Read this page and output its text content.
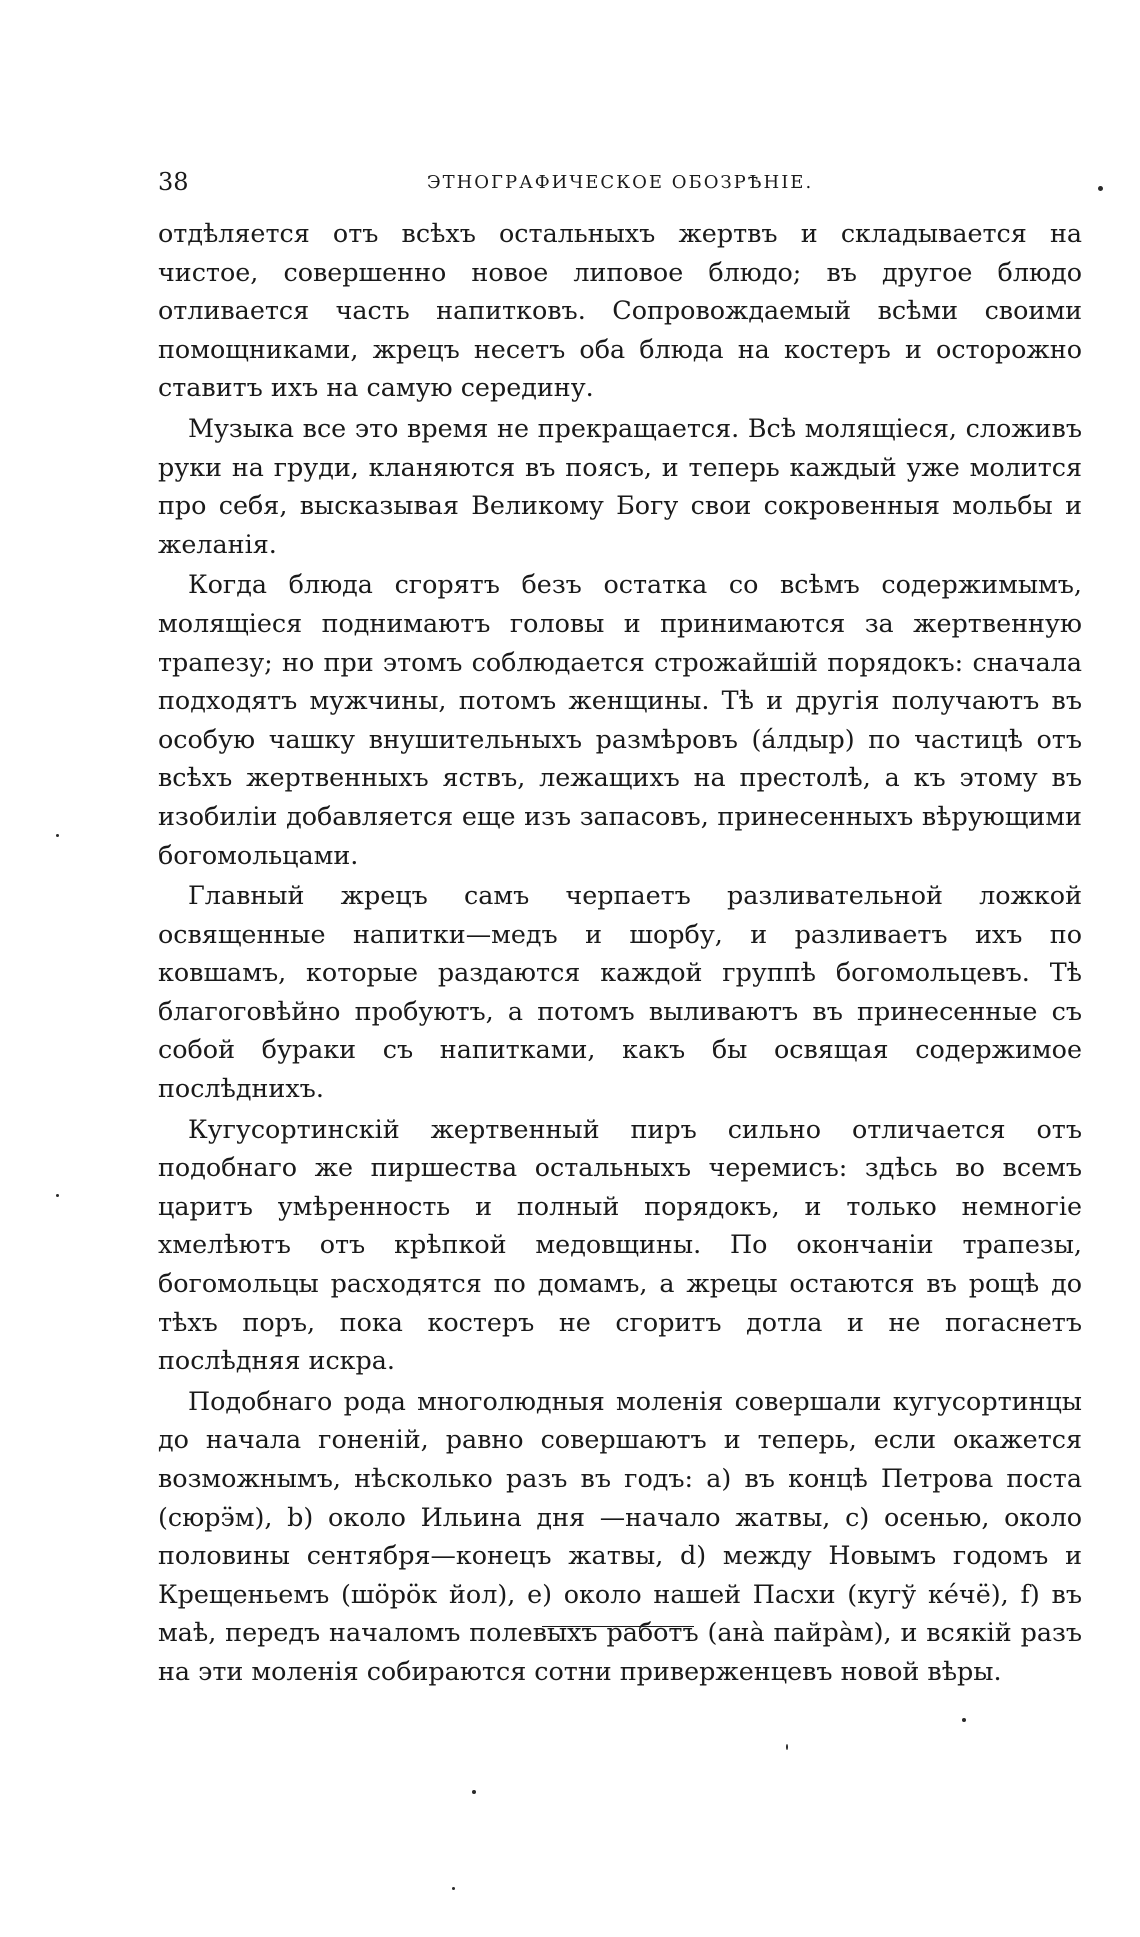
38	ЭТНОГРАФИЧЕСКОЕ ОБОЗРѢНІЕ.

отдѣляется отъ всѣхъ остальныхъ жертвъ и складывается на чистое, совершенно новое липовое блюдо; въ другое блюдо отливается часть напитковъ. Сопровождаемый всѣми своими помощниками, жрецъ несетъ оба блюда на костеръ и осторожно ставитъ ихъ на самую середину.

Музыка все это время не прекращается. Всѣ молящіеся, сложивъ руки на груди, кланяются въ поясъ, и теперь каждый уже молится про себя, высказывая Великому Богу свои сокровенныя мольбы и желанія.

Когда блюда сгорятъ безъ остатка со всѣмъ содержимымъ, молящіеся поднимаютъ головы и принимаются за жертвенную трапезу; но при этомъ соблюдается строжайшій порядокъ: сначала подходятъ мужчины, потомъ женщины. Тѣ и другія получаютъ въ особую чашку внушительныхъ размѣровъ (а́лдыр) по частицѣ отъ всѣхъ жертвенныхъ яствъ, лежащихъ на престолѣ, а къ этому въ изобиліи добавляется еще изъ запасовъ, принесенныхъ вѣрующими богомольцами.

Главный жрецъ самъ черпаетъ разливательной ложкой освященные напитки—медъ и шорбу, и разливаетъ ихъ по ковшамъ, которые раздаются каждой группѣ богомольцевъ. Тѣ благоговѣйно пробуютъ, а потомъ выливаютъ въ принесенные съ собой бураки съ напитками, какъ бы освящая содержимое послѣднихъ.

Кугусортинскій жертвенный пиръ сильно отличается отъ подобнаго же пиршества остальныхъ черемисъ: здѣсь во всемъ царитъ умѣренность и полный порядокъ, и только немногіе хмелѣютъ отъ крѣпкой медовщины. По окончаніи трапезы, богомольцы расходятся по домамъ, а жрецы остаются въ рощѣ до тѣхъ поръ, пока костеръ не сгоритъ дотла и не погаснетъ послѣдняя искра.

Подобнаго рода многолюдныя моленія совершали кугусортинцы до начала гоненій, равно совершаютъ и теперь, если окажется возможнымъ, нѣсколько разъ въ годъ: а) въ концѣ Петрова поста (сюрӭм), b) около Ильина дня —начало жатвы, с) осенью, около половины сентября—конецъ жатвы, d) между Новымъ годомъ и Крещеньемъ (шӧрӧк йол), е) около нашей Пасхи (кугў ке́чё), f) въ маѣ, передъ началомъ полевыхъ работъ (ана̀ пайра̀м), и всякій разъ на эти моленія собираются сотни приверженцевъ новой вѣры.
